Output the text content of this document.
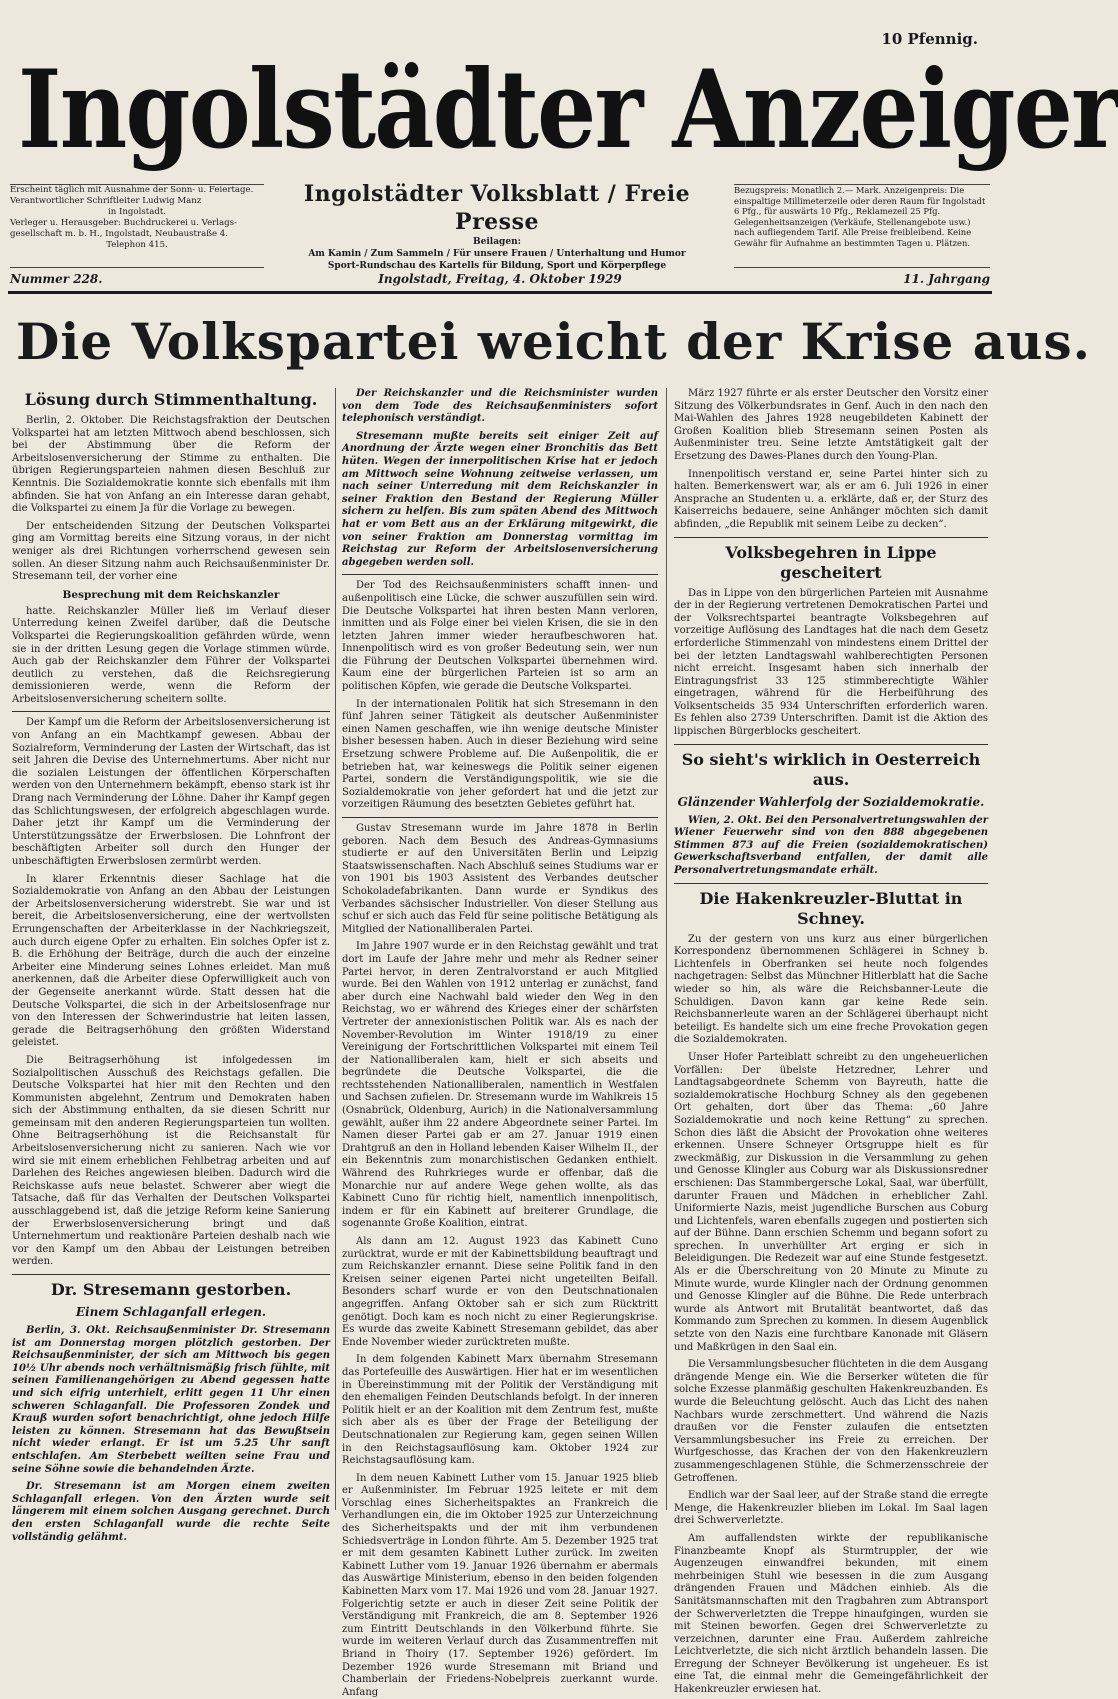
10 Pfennig.
Ingolstädter Anzeiger
Erscheint täglich mit Ausnahme der Sonn- u. Feiertage.
Verantwortlicher Schriftleiter Ludwig Manz
in Ingolstadt.
Verleger u. Herausgeber: Buchdruckerei u. Verlags-
gesellschaft m. b. H., Ingolstadt, Neubaustraße 4.
Telephon 415.
Ingolstädter Volksblatt / Freie Presse
Beilagen:
Am Kamin / Zum Sammeln / Für unsere Frauen / Unterhaltung und Humor
Sport-Rundschau des Kartells für Bildung, Sport und Körperpflege
Bezugspreis: Monatlich 2.— Mark. Anzeigenpreis: Die einspaltige Millimeterzeile oder deren Raum für Ingolstadt 6 Pfg., für auswärts 10 Pfg., Reklamezeil 25 Pfg. Gelegenheitsanzeigen (Verkäufe, Stellenangebote usw.) nach aufliegendem Tarif. Alle Preise freibleibend. Keine Gewähr für Aufnahme an bestimmten Tagen u. Plätzen.
Nummer 228.	Ingolstadt, Freitag, 4. Oktober 1929	11. Jahrgang
Die Volkspartei weicht der Krise aus.
Lösung durch Stimmenthaltung.

Berlin, 2. Oktober. Die Reichstagsfraktion der Deutschen Volkspartei hat am letzten Mittwoch abend beschlossen, sich bei der Abstimmung über die Reform der Arbeitslosenversicherung der Stimme zu enthalten. Die übrigen Regierungsparteien nahmen diesen Beschluß zur Kenntnis. Die Sozialdemokratie konnte sich ebenfalls mit ihm abfinden. Sie hat von Anfang an ein Interesse daran gehabt, die Volkspartei zu einem Ja für die Vorlage zu bewegen.

Der entscheidenden Sitzung der Deutschen Volkspartei ging am Vormittag bereits eine Sitzung voraus, in der nicht weniger als drei Richtungen vorherrschend gewesen sein sollen. An dieser Sitzung nahm auch Reichsaußenminister Dr. Stresemann teil, der vorher eine

Besprechung mit dem Reichskanzler

hatte. Reichskanzler Müller ließ im Verlauf dieser Unterredung keinen Zweifel darüber, daß die Deutsche Volkspartei die Regierungskoalition gefährden würde, wenn sie in der dritten Lesung gegen die Vorlage stimmen würde. Auch gab der Reichskanzler dem Führer der Volkspartei deutlich zu verstehen, daß die Reichsregierung demissionieren werde, wenn die Reform der Arbeitslosenversicherung scheitern sollte.

Der Kampf um die Reform der Arbeitslosenversicherung ist von Anfang an ein Machtkampf gewesen. Abbau der Sozialreform, Verminderung der Lasten der Wirtschaft, das ist seit Jahren die Devise des Unternehmertums. Aber nicht nur die sozialen Leistungen der öffentlichen Körperschaften werden von den Unternehmern bekämpft, ebenso stark ist ihr Drang nach Verminderung der Löhne. Daher ihr Kampf gegen das Schlichtungswesen, der erfolgreich abgeschlagen wurde. Daher jetzt ihr Kampf um die Verminderung der Unterstützungssätze der Erwerbslosen. Die Lohnfront der beschäftigten Arbeiter soll durch den Hunger der unbeschäftigten Erwerbslosen zermürbt werden.

In klarer Erkenntnis dieser Sachlage hat die Sozialdemokratie von Anfang an den Abbau der Leistungen der Arbeitslosenversicherung widerstrebt. Sie war und ist bereit, die Arbeitslosenversicherung, eine der wertvollsten Errungenschaften der Arbeiterklasse in der Nachkriegszeit, auch durch eigene Opfer zu erhalten. Ein solches Opfer ist z. B. die Erhöhung der Beiträge, durch die auch der einzelne Arbeiter eine Minderung seines Lohnes erleidet. Man muß anerkennen, daß die Arbeiter diese Opferwilligkeit auch von der Gegenseite anerkannt würde. Statt dessen hat die Deutsche Volkspartei, die sich in der Arbeitslosenfrage nur von den Interessen der Schwerindustrie hat leiten lassen, gerade die Beitragserhöhung den größten Widerstand geleistet.

Die Beitragserhöhung ist infolgedessen im Sozialpolitischen Ausschuß des Reichstags gefallen. Die Deutsche Volkspartei hat hier mit den Rechten und den Kommunisten abgelehnt, Zentrum und Demokraten haben sich der Abstimmung enthalten, da sie diesen Schritt nur gemeinsam mit den anderen Regierungsparteien tun wollten. Ohne Beitragserhöhung ist die Reichsanstalt für Arbeitslosenversicherung nicht zu sanieren. Nach wie vor wird sie mit einem erheblichen Fehlbetrag arbeiten und auf Darlehen des Reiches angewiesen bleiben. Dadurch wird die Reichskasse aufs neue belastet. Schwerer aber wiegt die Tatsache, daß für das Verhalten der Deutschen Volkspartei ausschlaggebend ist, daß die jetzige Reform keine Sanierung der Erwerbslosenversicherung bringt und daß Unternehmertum und reaktionäre Parteien deshalb nach wie vor den Kampf um den Abbau der Leistungen betreiben werden.

Dr. Stresemann gestorben.
Einem Schlaganfall erlegen.

Berlin, 3. Okt. Reichsaußenminister Dr. Stresemann ist am Donnerstag morgen plötzlich gestorben. Der Reichsaußenminister, der sich am Mittwoch bis gegen 10½ Uhr abends noch verhältnismäßig frisch fühlte, mit seinen Familienangehörigen zu Abend gegessen hatte und sich eifrig unterhielt, erlitt gegen 11 Uhr einen schweren Schlaganfall. Die Professoren Zondek und Krauß wurden sofort benachrichtigt, ohne jedoch Hilfe leisten zu können. Stresemann hat das Bewußtsein nicht wieder erlangt. Er ist um 5.25 Uhr sanft entschlafen. Am Sterbebett weilten seine Frau und seine Söhne sowie die behandelnden Ärzte.

Dr. Stresemann ist am Morgen einem zweiten Schlaganfall erlegen. Von den Ärzten wurde seit längerem mit einem solchen Ausgang gerechnet. Durch den ersten Schlaganfall wurde die rechte Seite vollständig gelähmt.

Der Reichskanzler und die Reichsminister wurden von dem Tode des Reichsaußenministers sofort telephonisch verständigt.

Stresemann mußte bereits seit einiger Zeit auf Anordnung der Ärzte wegen einer Bronchitis das Bett hüten. Wegen der innerpolitischen Krise hat er jedoch am Mittwoch seine Wohnung zeitweise verlassen, um nach seiner Unterredung mit dem Reichskanzler in seiner Fraktion den Bestand der Regierung Müller sichern zu helfen. Bis zum späten Abend des Mittwoch hat er vom Bett aus an der Erklärung mitgewirkt, die von seiner Fraktion am Donnerstag vormittag im Reichstag zur Reform der Arbeitslosenversicherung abgegeben werden soll.

Der Tod des Reichsaußenministers schafft innen- und außenpolitisch eine Lücke, die schwer auszufüllen sein wird. Die Deutsche Volkspartei hat ihren besten Mann verloren, inmitten und als Folge einer bei vielen Krisen, die sie in den letzten Jahren immer wieder heraufbeschworen hat. Innenpolitisch wird es von großer Bedeutung sein, wer nun die Führung der Deutschen Volkspartei übernehmen wird. Kaum eine der bürgerlichen Parteien ist so arm an politischen Köpfen, wie gerade die Deutsche Volkspartei.

In der internationalen Politik hat sich Stresemann in den fünf Jahren seiner Tätigkeit als deutscher Außenminister einen Namen geschaffen, wie ihn wenige deutsche Minister bisher besessen haben. Auch in dieser Beziehung wird seine Ersetzung schwere Probleme auf. Die Außenpolitik, die er betrieben hat, war keineswegs die Politik seiner eigenen Partei, sondern die Verständigungspolitik, wie sie die Sozialdemokratie von jeher gefordert hat und die jetzt zur vorzeitigen Räumung des besetzten Gebietes geführt hat.

Gustav Stresemann wurde im Jahre 1878 in Berlin geboren. Nach dem Besuch des Andreas-Gymnasiums studierte er auf den Universitäten Berlin und Leipzig Staatswissenschaften. Nach Abschluß seines Studiums war er von 1901 bis 1903 Assistent des Verbandes deutscher Schokoladefabrikanten. Dann wurde er Syndikus des Verbandes sächsischer Industrieller. Von dieser Stellung aus schuf er sich auch das Feld für seine politische Betätigung als Mitglied der Nationalliberalen Partei.

Im Jahre 1907 wurde er in den Reichstag gewählt und trat dort im Laufe der Jahre mehr und mehr als Redner seiner Partei hervor, in deren Zentralvorstand er auch Mitglied wurde. Bei den Wahlen von 1912 unterlag er zunächst, fand aber durch eine Nachwahl bald wieder den Weg in den Reichstag, wo er während des Krieges einer der schärfsten Vertreter der annexionistischen Politik war. Als es nach der November-Revolution im Winter 1918/19 zu einer Vereinigung der Fortschrittlichen Volkspartei mit einem Teil der Nationalliberalen kam, hielt er sich abseits und begründete die Deutsche Volkspartei, die die rechtsstehenden Nationalliberalen, namentlich in Westfalen und Sachsen zufielen. Dr. Stresemann wurde im Wahlkreis 15 (Osnabrück, Oldenburg, Aurich) in die Nationalversammlung gewählt, außer ihm 22 andere Abgeordnete seiner Partei. Im Namen dieser Partei gab er am 27. Januar 1919 einen Drahtgruß an den in Holland lebenden Kaiser Wilhelm II., der ein Bekenntnis zum monarchistischen Gedanken enthielt. Während des Ruhrkrieges wurde er offenbar, daß die Monarchie nur auf andere Wege gehen wollte, als das Kabinett Cuno für richtig hielt, namentlich innenpolitisch, indem er für ein Kabinett auf breiterer Grundlage, die sogenannte Große Koalition, eintrat.

Als dann am 12. August 1923 das Kabinett Cuno zurücktrat, wurde er mit der Kabinettsbildung beauftragt und zum Reichskanzler ernannt. Diese seine Politik fand in den Kreisen seiner eigenen Partei nicht ungeteilten Beifall. Besonders scharf wurde er von den Deutschnationalen angegriffen. Anfang Oktober sah er sich zum Rücktritt genötigt. Doch kam es noch nicht zu einer Regierungskrise. Es wurde das zweite Kabinett Stresemann gebildet, das aber Ende November wieder zurücktreten mußte.

In dem folgenden Kabinett Marx übernahm Stresemann das Portefeuille des Auswärtigen. Hier hat er im wesentlichen in Übereinstimmung mit der Politik der Verständigung mit den ehemaligen Feinden Deutschlands befolgt. In der inneren Politik hielt er an der Koalition mit dem Zentrum fest, mußte sich aber als es über der Frage der Beteiligung der Deutschnationalen zur Regierung kam, gegen seinen Willen in den Reichstagsauflösung kam. Oktober 1924 zur Reichstagsauflösung kam.

In dem neuen Kabinett Luther vom 15. Januar 1925 blieb er Außenminister. Im Februar 1925 leitete er mit dem Vorschlag eines Sicherheitspaktes an Frankreich die Verhandlungen ein, die im Oktober 1925 zur Unterzeichnung des Sicherheitspakts und der mit ihm verbundenen Schiedsverträge in London führte. Am 5. Dezember 1925 trat er mit dem gesamten Kabinett Luther zurück. Im zweiten Kabinett Luther vom 19. Januar 1926 übernahm er abermals das Auswärtige Ministerium, ebenso in den beiden folgenden Kabinetten Marx vom 17. Mai 1926 und vom 28. Januar 1927. Folgerichtig setzte er auch in dieser Zeit seine Politik der Verständigung mit Frankreich, die am 8. September 1926 zum Eintritt Deutschlands in den Völkerbund führte. Sie wurde im weiteren Verlauf durch das Zusammentreffen mit Briand in Thoiry (17. September 1926) gefördert. Im Dezember 1926 wurde Stresemann mit Briand und Chamberlain der Friedens-Nobelpreis zuerkannt wurde. Anfang

März 1927 führte er als erster Deutscher den Vorsitz einer Sitzung des Völkerbundsrates in Genf. Auch in den nach den Mai-Wahlen des Jahres 1928 neugebildeten Kabinett der Großen Koalition blieb Stresemann seinen Posten als Außenminister treu. Seine letzte Amtstätigkeit galt der Ersetzung des Dawes-Planes durch den Young-Plan.

Innenpolitisch verstand er, seine Partei hinter sich zu halten. Bemerkenswert war, als er am 6. Juli 1926 in einer Ansprache an Studenten u. a. erklärte, daß er, der Sturz des Kaiserreichs bedauere, seine Anhänger möchten sich damit abfinden, „die Republik mit seinem Leibe zu decken“.

Volksbegehren in Lippe gescheitert

Das in Lippe von den bürgerlichen Parteien mit Ausnahme der in der Regierung vertretenen Demokratischen Partei und der Volksrechtspartei beantragte Volksbegehren auf vorzeitige Auflösung des Landtages hat die nach dem Gesetz erforderliche Stimmenzahl von mindestens einem Drittel der bei der letzten Landtagswahl wahlberechtigten Personen nicht erreicht. Insgesamt haben sich innerhalb der Eintragungsfrist 33 125 stimmberechtigte Wähler eingetragen, während für die Herbeiführung des Volksentscheids 35 934 Unterschriften erforderlich waren. Es fehlen also 2739 Unterschriften. Damit ist die Aktion des lippischen Bürgerblocks gescheitert.

So sieht's wirklich in Oesterreich aus.
Glänzender Wahlerfolg der Sozialdemokratie.

Wien, 2. Okt. Bei den Personalvertretungswahlen der Wiener Feuerwehr sind von den 888 abgegebenen Stimmen 873 auf die Freien (sozialdemokratischen) Gewerkschaftsverband entfallen, der damit alle Personalvertretungsmandate erhält.

Die Hakenkreuzler-Bluttat in Schney.

Zu der gestern von uns kurz aus einer bürgerlichen Korrespondenz übernommenen Schlägerei in Schney b. Lichtenfels in Oberfranken sei heute noch folgendes nachgetragen: Selbst das Münchner Hitlerblatt hat die Sache wieder so hin, als wäre die Reichsbanner-Leute die Schuldigen. Davon kann gar keine Rede sein. Reichsbannerleute waren an der Schlägerei überhaupt nicht beteiligt. Es handelte sich um eine freche Provokation gegen die Sozialdemokraten.

Unser Hofer Parteiblatt schreibt zu den ungeheuerlichen Vorfällen: Der übelste Hetzredner, Lehrer und Landtagsabgeordnete Schemm von Bayreuth, hatte die sozialdemokratische Hochburg Schney als den gegebenen Ort gehalten, dort über das Thema: „60 Jahre Sozialdemokratie und noch keine Rettung“ zu sprechen. Schon dies läßt die Absicht der Provokation ohne weiteres erkennen. Unsere Schneyer Ortsgruppe hielt es für zweckmäßig, zur Diskussion in die Versammlung zu gehen und Genosse Klingler aus Coburg war als Diskussionsredner erschienen: Das Stammbergersche Lokal, Saal, war überfüllt, darunter Frauen und Mädchen in erheblicher Zahl. Uniformierte Nazis, meist jugendliche Burschen aus Coburg und Lichtenfels, waren ebenfalls zugegen und postierten sich auf der Bühne. Dann erschien Schemm und begann sofort zu sprechen. In unverhüllter Art erging er sich in Beleidigungen. Die Redezeit war auf eine Stunde festgesetzt. Als er die Überschreitung von 20 Minute zu Minute zu Minute wurde, wurde Klingler nach der Ordnung genommen und Genosse Klingler auf die Bühne. Die Rede unterbrach wurde als Antwort mit Brutalität beantwortet, daß das Kommando zum Sprechen zu kommen. In diesem Augenblick setzte von den Nazis eine furchtbare Kanonade mit Gläsern und Maßkrügen in den Saal ein.

Die Versammlungsbesucher flüchteten in die dem Ausgang drängende Menge ein. Wie die Berserker wüteten die für solche Exzesse planmäßig geschulten Hakenkreuzbanden. Es wurde die Beleuchtung gelöscht. Auch das Licht des nahen Nachbars wurde zerschmettert. Und während die Nazis draußen vor die Fenster zulaufen die entsetzten Versammlungsbesucher ins Freie zu erreichen. Der Wurfgeschosse, das Krachen der von den Hakenkreuzlern zusammengeschlagenen Stühle, die Schmerzensschreie der Getroffenen.

Endlich war der Saal leer, auf der Straße stand die erregte Menge, die Hakenkreuzler blieben im Lokal. Im Saal lagen drei Schwerverletzte.

Am auffallendsten wirkte der republikanische Finanzbeamte Knopf als Sturmtruppler, der wie Augenzeugen einwandfrei bekunden, mit einem mehrbeinigen Stuhl wie besessen in die zum Ausgang drängenden Frauen und Mädchen einhieb. Als die Sanitätsmannschaften mit den Tragbahren zum Abtransport der Schwerverletzten die Treppe hinaufgingen, wurden sie mit Steinen beworfen. Gegen drei Schwerverletzte zu verzeichnen, darunter eine Frau. Außerdem zahlreiche Leichtverletzte, die sich nicht ärztlich behandeln lassen. Die Erregung der Schneyer Bevölkerung ist ungeheuer. Es ist eine Tat, die einmal mehr die Gemeingefährlichkeit der Hakenkreuzler erwiesen hat.
